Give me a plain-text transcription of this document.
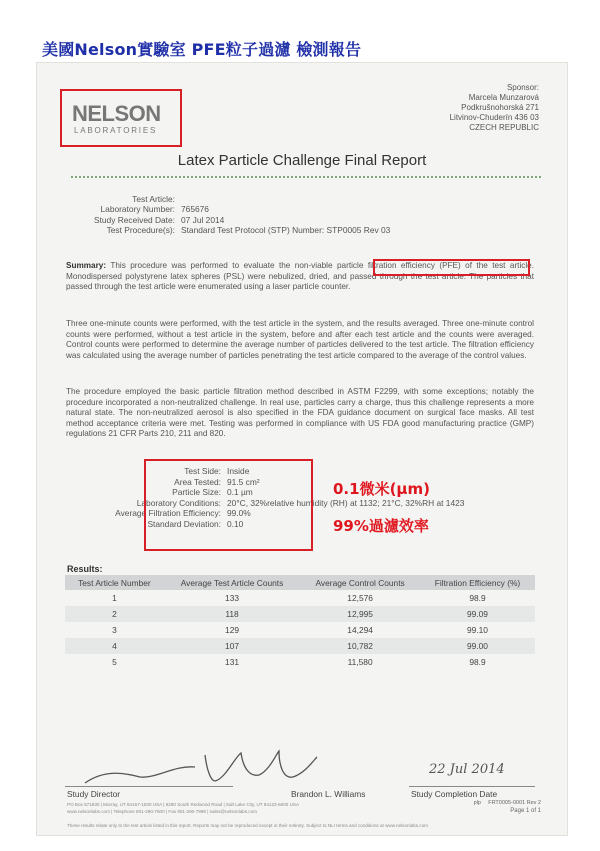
美國Nelson實驗室 PFE粒子過濾 檢測報告
NELSON
LABORATORIES
Sponsor:
Marcela Munzarová
Podkrušnohorská 271
Litvinov-Chuderín 436 03
CZECH REPUBLIC
Latex Particle Challenge Final Report
Test Article:
Laboratory Number: 765676
Study Received Date: 07 Jul 2014
Test Procedure(s): Standard Test Protocol (STP) Number: STP0005 Rev 03
Summary: This procedure was performed to evaluate the non-viable particle filtration efficiency (PFE) of the test article. Monodispersed polystyrene latex spheres (PSL) were nebulized, dried, and passed through the test article. The particles that passed through the test article were enumerated using a laser particle counter.
Three one-minute counts were performed, with the test article in the system, and the results averaged. Three one-minute control counts were performed, without a test article in the system, before and after each test article and the counts were averaged. Control counts were performed to determine the average number of particles delivered to the test article. The filtration efficiency was calculated using the average number of particles penetrating the test article compared to the average of the control values.
The procedure employed the basic particle filtration method described in ASTM F2299, with some exceptions; notably the procedure incorporated a non-neutralized challenge. In real use, particles carry a charge, thus this challenge represents a more natural state. The non-neutralized aerosol is also specified in the FDA guidance document on surgical face masks. All test method acceptance criteria were met. Testing was performed in compliance with US FDA good manufacturing practice (GMP) regulations 21 CFR Parts 210, 211 and 820.
Test Side: Inside
Area Tested: 91.5 cm²
Particle Size: 0.1 µm
Laboratory Conditions: 20°C, 32%relative humidity (RH) at 1132; 21°C, 32%RH at 1423
Average Filtration Efficiency: 99.0%
Standard Deviation: 0.10
0.1微米(µm)
99%過濾效率
Results:
Test Article Number	Average Test Article Counts	Average Control Counts	Filtration Efficiency (%)
1	133	12,576	98.9
2	118	12,995	99.09
3	129	14,294	99.10
4	107	10,782	99.00
5	131	11,580	98.9
Study Director	Brandon L. Williams
22 Jul 2014
Study Completion Date
PO Box 571830 | Murray, UT 84157-1830 USA | 6280 South Redwood Road | Salt Lake City, UT 84123-6600 USA
www.nelsonlabs.com | Telephone 801-290-7500 | Fax 801-290-7998 | sales@nelsonlabs.com
These results relate only to the test article listed in this report. Reports may not be reproduced except in their entirety. Subject to NLI terms and conditions at www.nelsonlabs.com
plp FRT0005-0001 Rev 2
Page 1 of 1
